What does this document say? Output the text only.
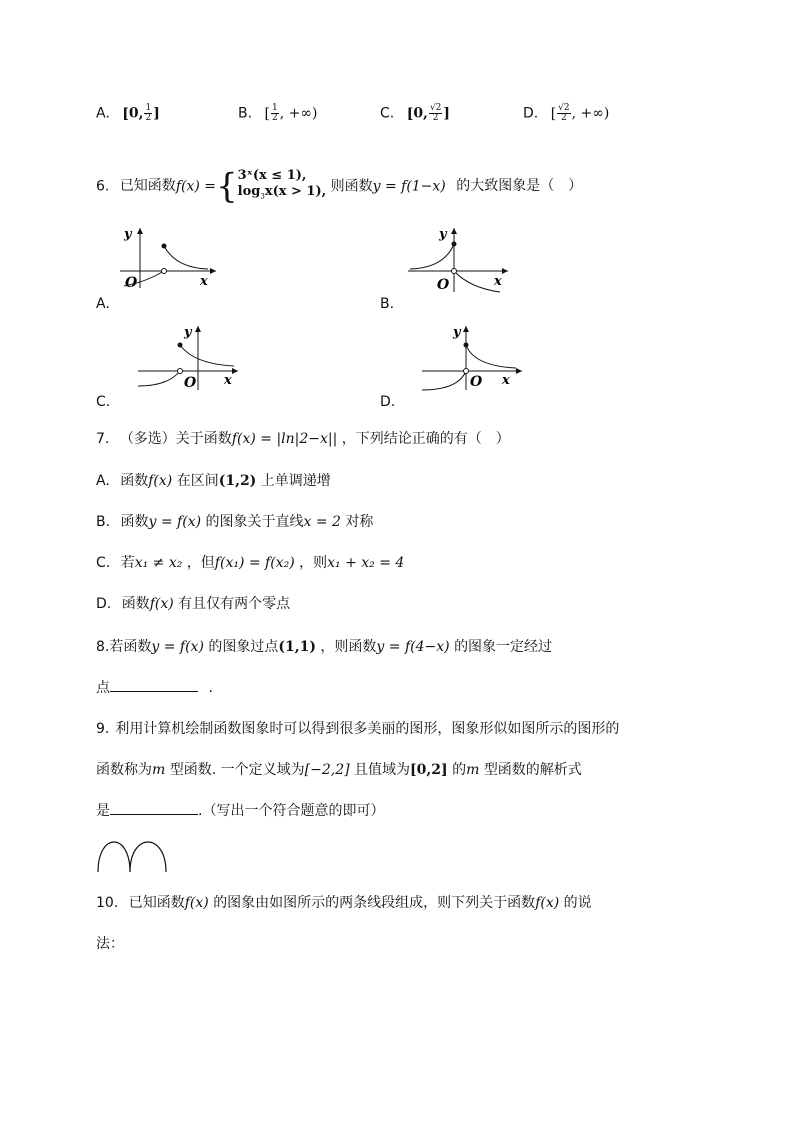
A. [0, $\frac{1}{2}$ ]	B. [ $\frac{1}{2}$ , +∞)	C. [0, $\frac{√2}{2}$ ]	D. [ $\frac{√2}{2}$ , +∞)
6. 已知函数f(x) ={3ˣ(x ≤ 1),
$\log_3x(x > 1)$, 则函数y = f(1−x) 的大致图象是（　）
y
x
O
A.
y
x
O
B.
y
x
O
C.
y
x
O
D.
7. （多选）关于函数f(x) = |ln|2−x|| ，下列结论正确的有（　）
A. 函数f(x) 在区间(1,2) 上单调递增
B. 函数y = f(x) 的图象关于直线x = 2 对称
C. 若x₁ ≠ x₂ ，但f(x₁) = f(x₂) ，则x₁ + x₂ = 4
D. 函数f(x) 有且仅有两个零点
8.若函数y = f(x) 的图象过点(1,1) ，则函数y = f(4−x) 的图象一定经过
点	.
9. 利用计算机绘制函数图象时可以得到很多美丽的图形，图象形似如图所示的图形的
函数称为m 型函数. 一个定义域为[−2,2] 且值域为[0,2] 的m 型函数的解析式
是	.（写出一个符合题意的即可）
10. 已知函数f(x) 的图象由如图所示的两条线段组成，则下列关于函数f(x) 的说
法：
